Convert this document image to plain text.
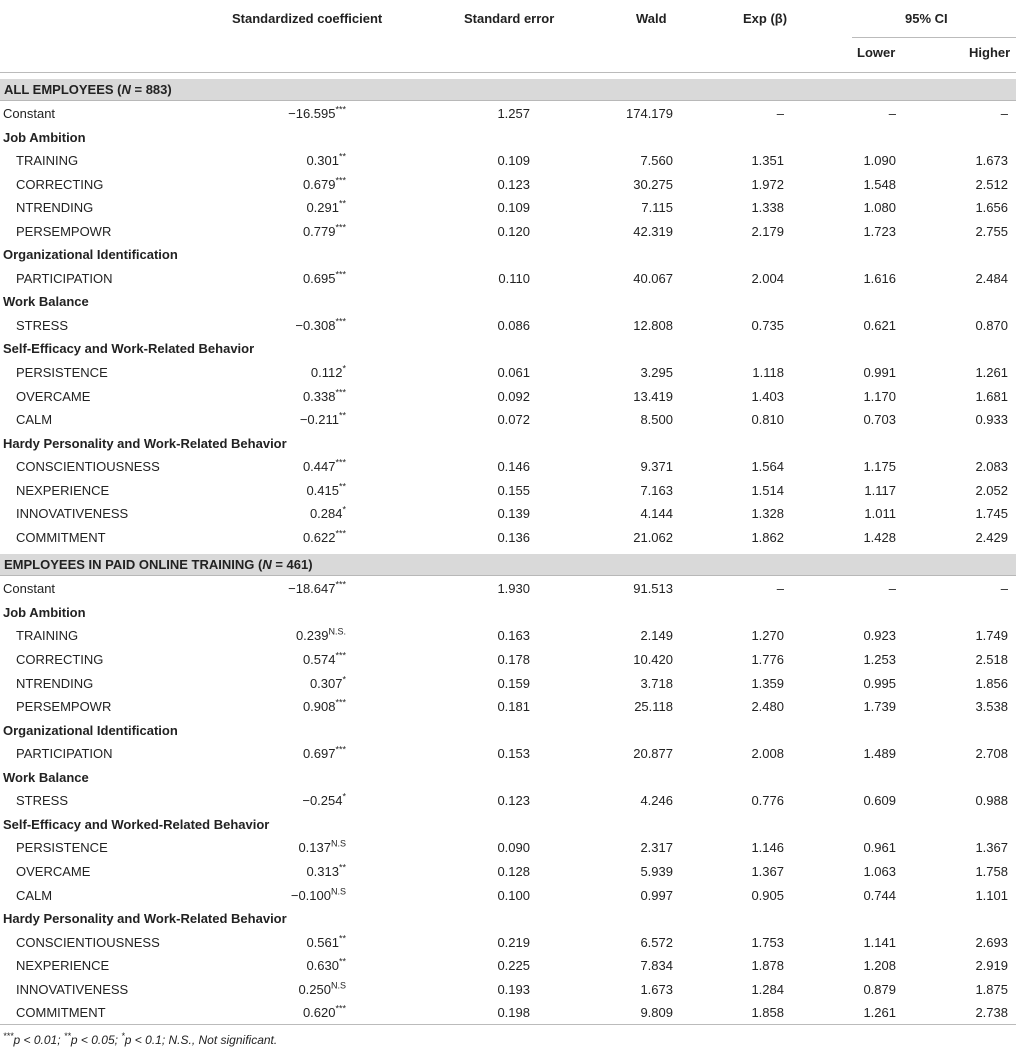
Standardized coefficient	Standard error	Wald	Exp (β)	95% CI
Lower	Higher
ALL EMPLOYEES (N = 883)
Constant	−16.595***	1.257	174.179	–	–	–
Job Ambition
TRAINING	0.301**	0.109	7.560	1.351	1.090	1.673
CORRECTING	0.679***	0.123	30.275	1.972	1.548	2.512
NTRENDING	0.291**	0.109	7.115	1.338	1.080	1.656
PERSEMPOWR	0.779***	0.120	42.319	2.179	1.723	2.755
Organizational Identification
PARTICIPATION	0.695***	0.110	40.067	2.004	1.616	2.484
Work Balance
STRESS	−0.308***	0.086	12.808	0.735	0.621	0.870
Self-Efficacy and Work-Related Behavior
PERSISTENCE	0.112*	0.061	3.295	1.118	0.991	1.261
OVERCAME	0.338***	0.092	13.419	1.403	1.170	1.681
CALM	−0.211**	0.072	8.500	0.810	0.703	0.933
Hardy Personality and Work-Related Behavior
CONSCIENTIOUSNESS	0.447***	0.146	9.371	1.564	1.175	2.083
NEXPERIENCE	0.415**	0.155	7.163	1.514	1.117	2.052
INNOVATIVENESS	0.284*	0.139	4.144	1.328	1.011	1.745
COMMITMENT	0.622***	0.136	21.062	1.862	1.428	2.429
EMPLOYEES IN PAID ONLINE TRAINING (N = 461)
Constant	−18.647***	1.930	91.513	–	–	–
Job Ambition
TRAINING	$0.239^{N.S.}$	0.163	2.149	1.270	0.923	1.749
CORRECTING	0.574***	0.178	10.420	1.776	1.253	2.518
NTRENDING	0.307*	0.159	3.718	1.359	0.995	1.856
PERSEMPOWR	0.908***	0.181	25.118	2.480	1.739	3.538
Organizational Identification
PARTICIPATION	0.697***	0.153	20.877	2.008	1.489	2.708
Work Balance
STRESS	−0.254*	0.123	4.246	0.776	0.609	0.988
Self-Efficacy and Worked-Related Behavior
PERSISTENCE	$0.137^{N.S}$	0.090	2.317	1.146	0.961	1.367
OVERCAME	0.313**	0.128	5.939	1.367	1.063	1.758
CALM	$-0.100^{N.S}$	0.100	0.997	0.905	0.744	1.101
Hardy Personality and Work-Related Behavior
CONSCIENTIOUSNESS	0.561**	0.219	6.572	1.753	1.141	2.693
NEXPERIENCE	0.630**	0.225	7.834	1.878	1.208	2.919
INNOVATIVENESS	$0.250^{N.S}$	0.193	1.673	1.284	0.879	1.875
COMMITMENT	0.620***	0.198	9.809	1.858	1.261	2.738
***p < 0.01; **p < 0.05; *p < 0.1; N.S., Not significant.
